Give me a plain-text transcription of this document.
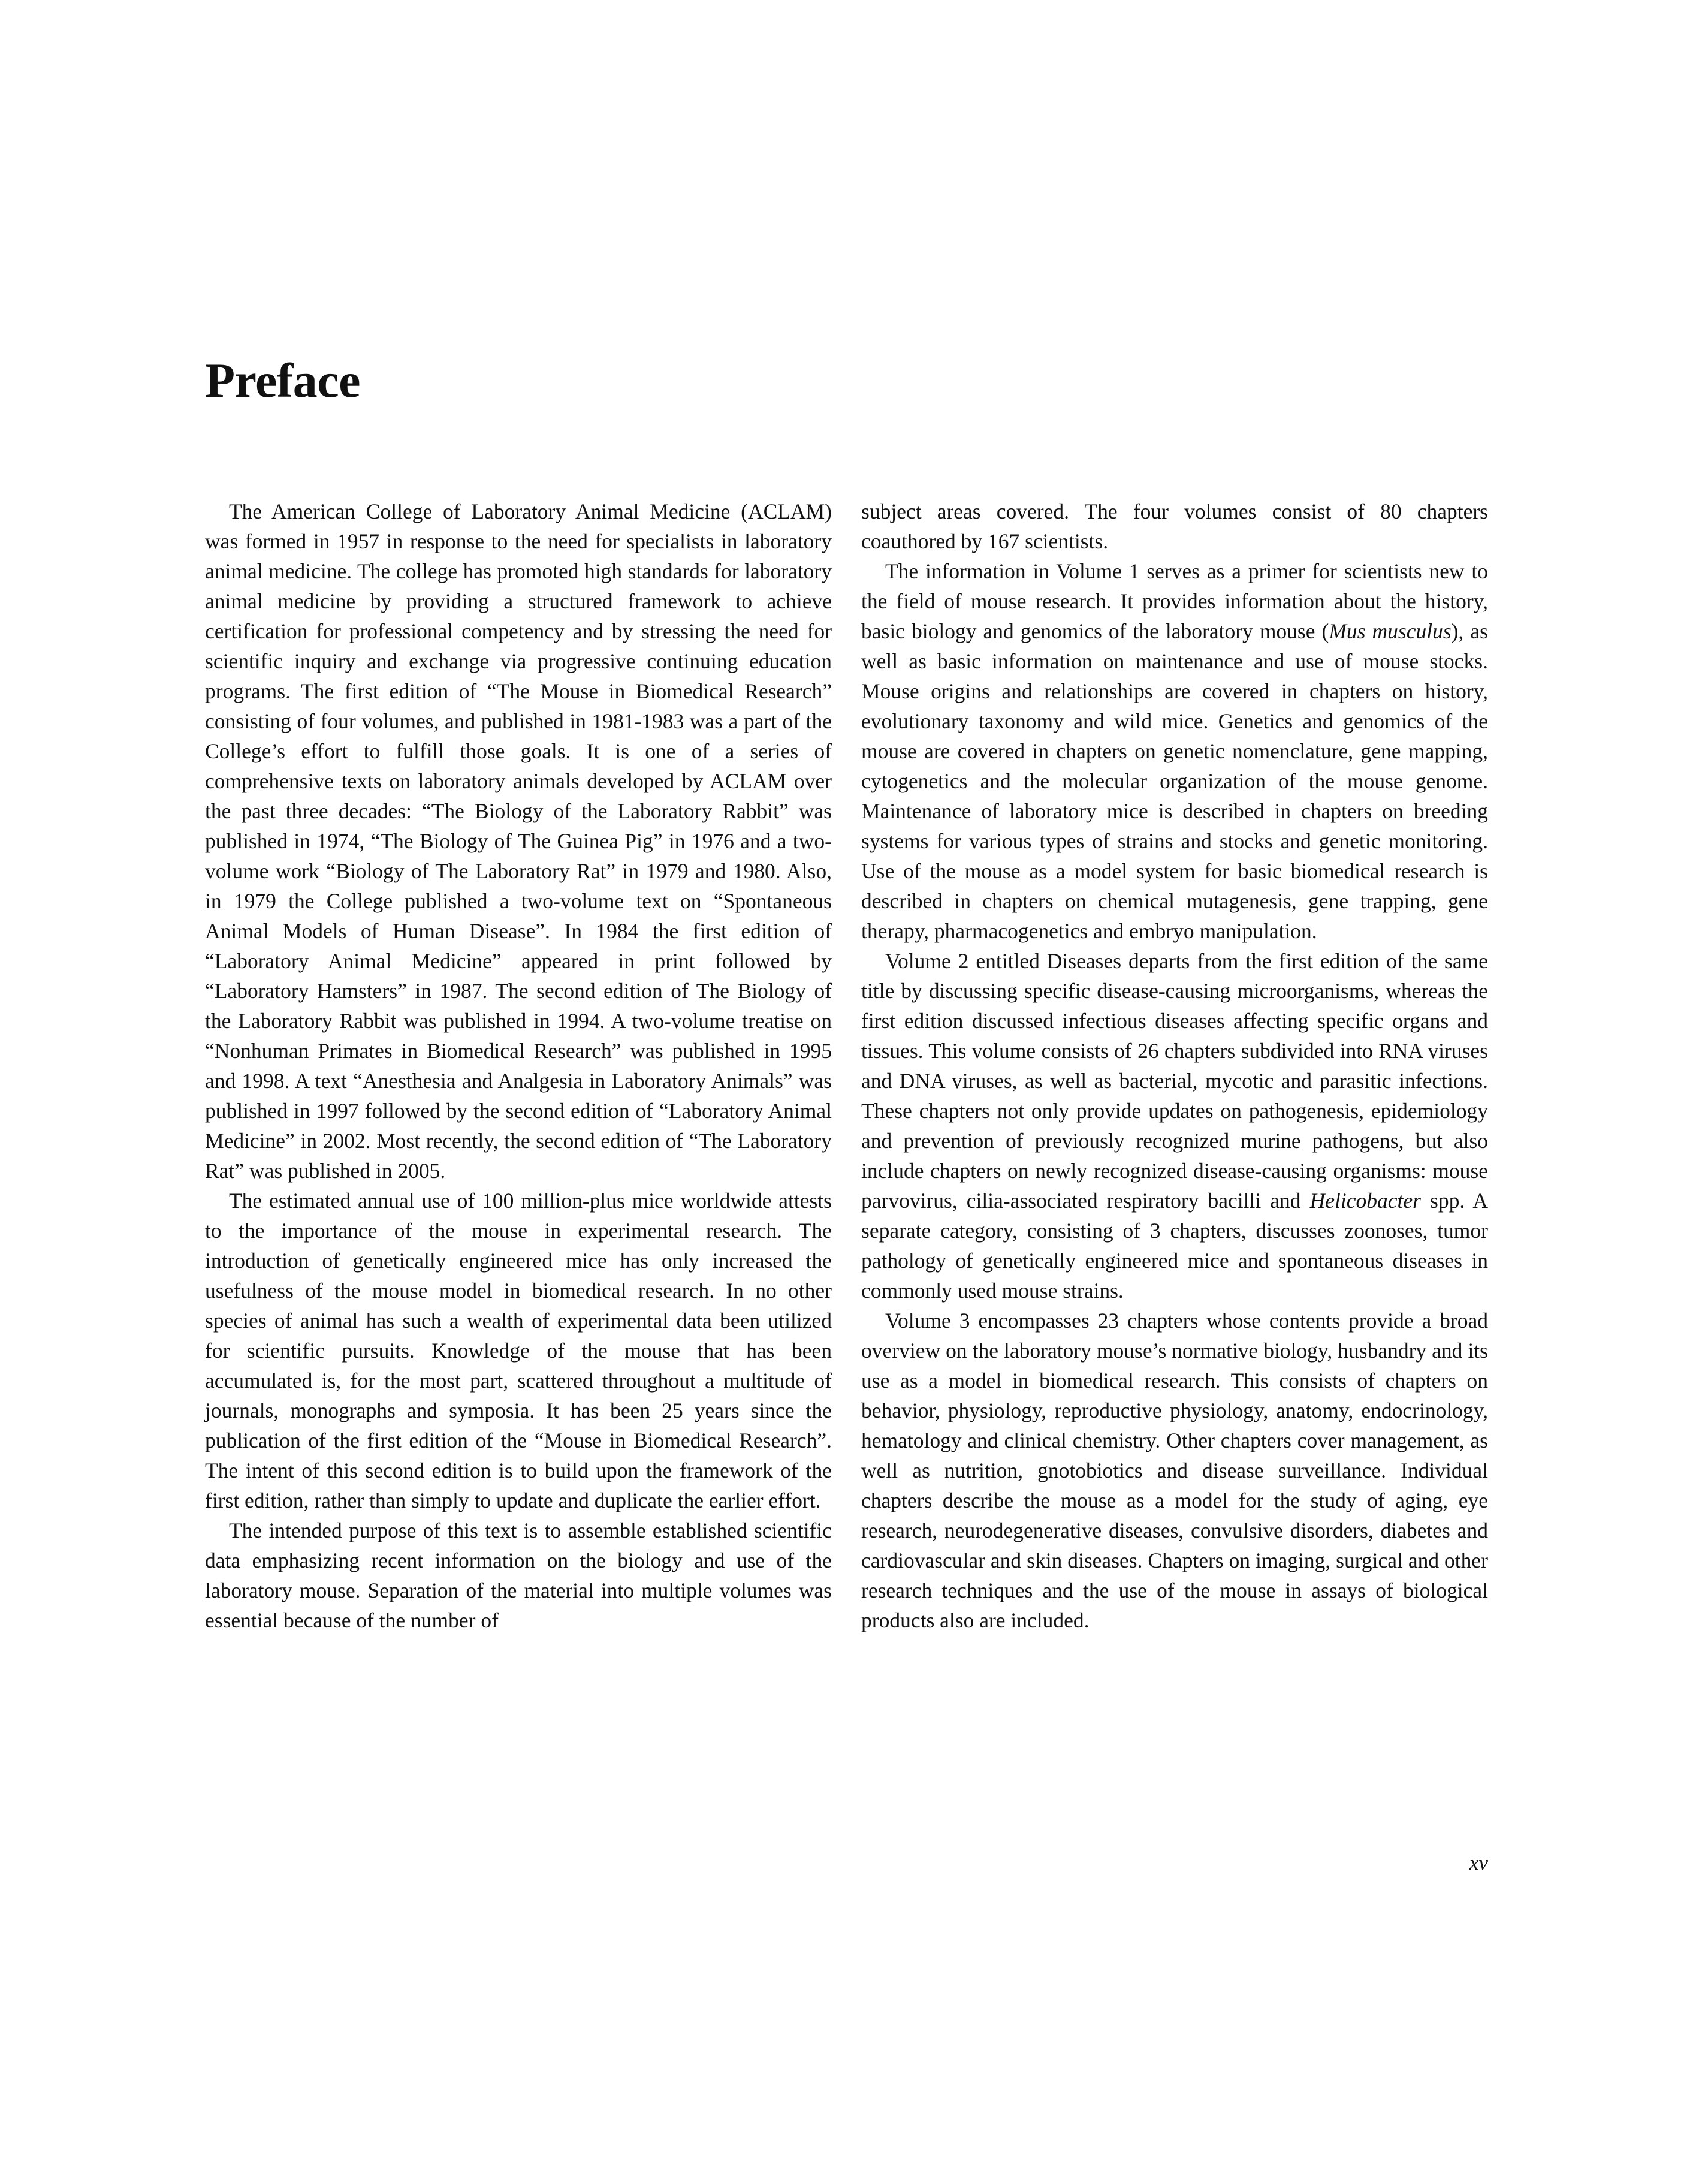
Preface

The American College of Laboratory Animal Medicine (ACLAM) was formed in 1957 in response to the need for specialists in laboratory animal medicine. The college has promoted high standards for laboratory animal medicine by providing a structured framework to achieve certification for professional competency and by stressing the need for scientific inquiry and exchange via progressive continuing education programs. The first edition of “The Mouse in Biomedical Research” consisting of four volumes, and published in 1981-1983 was a part of the College’s effort to fulfill those goals. It is one of a series of comprehensive texts on laboratory animals developed by ACLAM over the past three decades: “The Biology of the Laboratory Rabbit” was published in 1974, “The Biology of The Guinea Pig” in 1976 and a two-volume work “Biology of The Laboratory Rat” in 1979 and 1980. Also, in 1979 the College published a two-volume text on “Spontaneous Animal Models of Human Disease”. In 1984 the first edition of “Laboratory Animal Medicine” appeared in print followed by “Laboratory Hamsters” in 1987. The second edition of The Biology of the Laboratory Rabbit was published in 1994. A two-volume treatise on “Nonhuman Primates in Biomedical Research” was published in 1995 and 1998. A text “Anesthesia and Analgesia in Laboratory Animals” was published in 1997 followed by the second edition of “Laboratory Animal Medicine” in 2002. Most recently, the second edition of “The Laboratory Rat” was published in 2005.

The estimated annual use of 100 million-plus mice worldwide attests to the importance of the mouse in experimental research. The introduction of genetically engineered mice has only increased the usefulness of the mouse model in biomedical research. In no other species of animal has such a wealth of experimental data been utilized for scientific pursuits. Knowledge of the mouse that has been accumulated is, for the most part, scattered throughout a multitude of journals, monographs and symposia. It has been 25 years since the publication of the first edition of the “Mouse in Biomedical Research”. The intent of this second edition is to build upon the framework of the first edition, rather than simply to update and duplicate the earlier effort.

The intended purpose of this text is to assemble established scientific data emphasizing recent information on the biology and use of the laboratory mouse. Separation of the material into multiple volumes was essential because of the number of

subject areas covered. The four volumes consist of 80 chapters coauthored by 167 scientists.

The information in Volume 1 serves as a primer for scientists new to the field of mouse research. It provides information about the history, basic biology and genomics of the laboratory mouse (Mus musculus), as well as basic information on maintenance and use of mouse stocks. Mouse origins and relationships are covered in chapters on history, evolutionary taxonomy and wild mice. Genetics and genomics of the mouse are covered in chapters on genetic nomenclature, gene mapping, cytogenetics and the molecular organization of the mouse genome. Maintenance of laboratory mice is described in chapters on breeding systems for various types of strains and stocks and genetic monitoring. Use of the mouse as a model system for basic biomedical research is described in chapters on chemical mutagenesis, gene trapping, gene therapy, pharmacogenetics and embryo manipulation.

Volume 2 entitled Diseases departs from the first edition of the same title by discussing specific disease-causing microorganisms, whereas the first edition discussed infectious diseases affecting specific organs and tissues. This volume consists of 26 chapters subdivided into RNA viruses and DNA viruses, as well as bacterial, mycotic and parasitic infections. These chapters not only provide updates on pathogenesis, epidemiology and prevention of previously recognized murine pathogens, but also include chapters on newly recognized disease-causing organisms: mouse parvovirus, cilia-associated respiratory bacilli and Helicobacter spp. A separate category, consisting of 3 chapters, discusses zoonoses, tumor pathology of genetically engineered mice and spontaneous diseases in commonly used mouse strains.

Volume 3 encompasses 23 chapters whose contents provide a broad overview on the laboratory mouse’s normative biology, husbandry and its use as a model in biomedical research. This consists of chapters on behavior, physiology, reproductive physiology, anatomy, endocrinology, hematology and clinical chemistry. Other chapters cover management, as well as nutrition, gnotobiotics and disease surveillance. Individual chapters describe the mouse as a model for the study of aging, eye research, neurodegenerative diseases, convulsive disorders, diabetes and cardiovascular and skin diseases. Chapters on imaging, surgical and other research techniques and the use of the mouse in assays of biological products also are included.

xv
